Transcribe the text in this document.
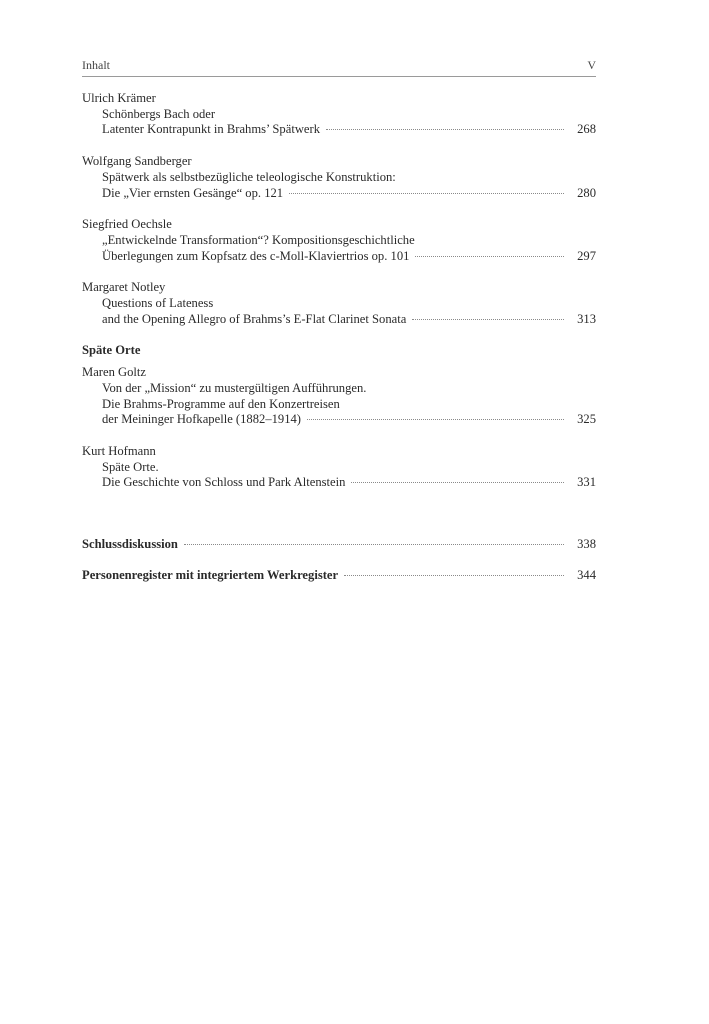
Inhalt	V
Ulrich Krämer
Schönbergs Bach oder
Latenter Kontrapunkt in Brahms’ Spätwerk	268
Wolfgang Sandberger
Spätwerk als selbstbezügliche teleologische Konstruktion:
Die „Vier ernsten Gesänge“ op. 121	280
Siegfried Oechsle
„Entwickelnde Transformation“? Kompositionsgeschichtliche
Überlegungen zum Kopfsatz des c-Moll-Klaviertrios op. 101	297
Margaret Notley
Questions of Lateness
and the Opening Allegro of Brahms’s E-Flat Clarinet Sonata	313
Späte Orte
Maren Goltz
Von der „Mission“ zu mustergültigen Aufführungen.
Die Brahms-Programme auf den Konzertreisen
der Meininger Hofkapelle (1882–1914)	325
Kurt Hofmann
Späte Orte.
Die Geschichte von Schloss und Park Altenstein	331
Schlussdiskussion	338
Personenregister mit integriertem Werkregister	344
